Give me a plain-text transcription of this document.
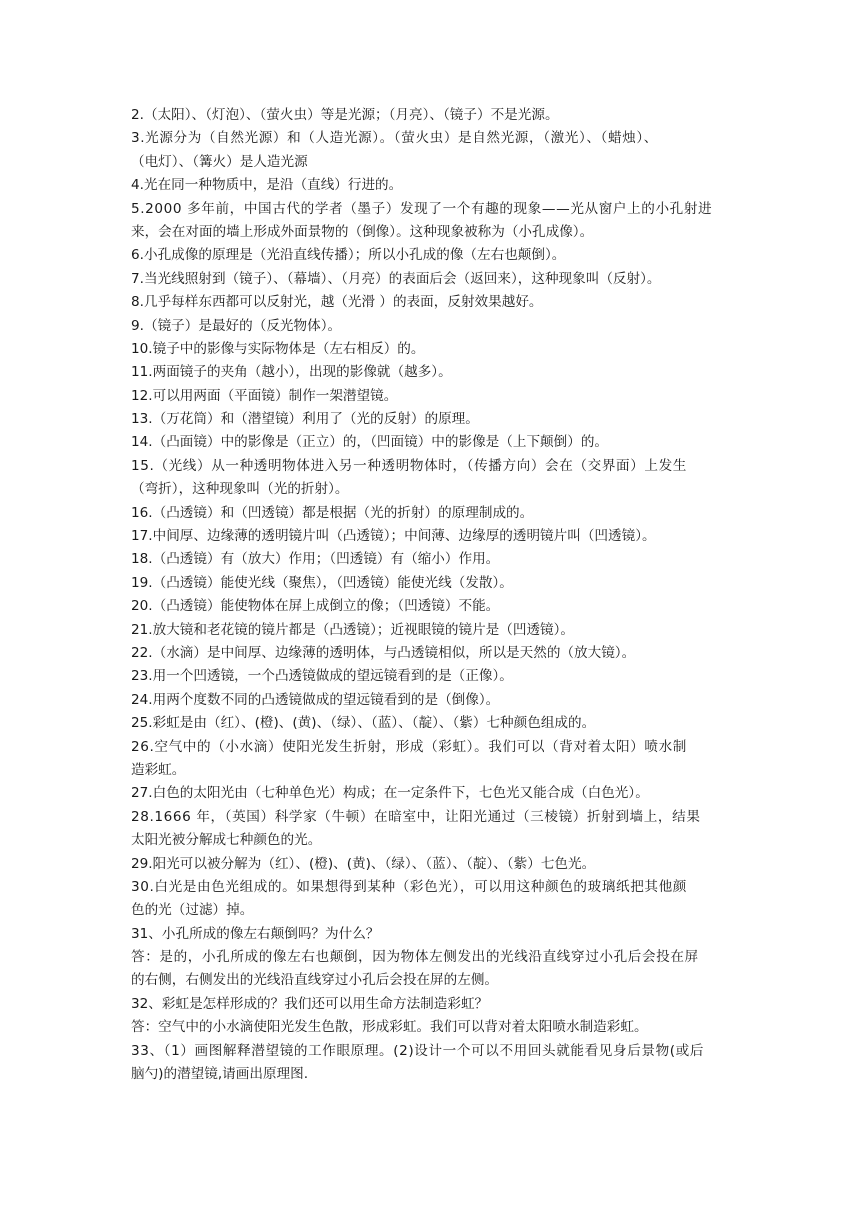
2.（太阳）、（灯泡）、（萤火虫）等是光源；（月亮）、（镜子）不是光源。
3.光源分为（自然光源）和（人造光源）。（萤火虫）是自然光源，（激光）、（蜡烛）、
（电灯）、（篝火）是人造光源
4.光在同一种物质中，是沿（直线）行进的。
5.2000 多年前，中国古代的学者（墨子）发现了一个有趣的现象——光从窗户上的小孔射进
来，会在对面的墙上形成外面景物的（倒像）。这种现象被称为（小孔成像）。
6.小孔成像的原理是（光沿直线传播）；所以小孔成的像（左右也颠倒）。
7.当光线照射到（镜子）、（幕墙）、（月亮）的表面后会（返回来），这种现象叫（反射）。
8.几乎每样东西都可以反射光，越（光滑 ）的表面，反射效果越好。
9.（镜子）是最好的（反光物体）。
10.镜子中的影像与实际物体是（左右相反）的。
11.两面镜子的夹角（越小），出现的影像就（越多）。
12.可以用两面（平面镜）制作一架潜望镜。
13.（万花筒）和（潜望镜）利用了（光的反射）的原理。
14.（凸面镜）中的影像是（正立）的，（凹面镜）中的影像是（上下颠倒）的。
15.（光线）从一种透明物体进入另一种透明物体时，（传播方向）会在（交界面）上发生
（弯折），这种现象叫（光的折射）。
16.（凸透镜）和（凹透镜）都是根据（光的折射）的原理制成的。
17.中间厚、边缘薄的透明镜片叫（凸透镜）；中间薄、边缘厚的透明镜片叫（凹透镜）。
18.（凸透镜）有（放大）作用；（凹透镜）有（缩小）作用。
19.（凸透镜）能使光线（聚焦），（凹透镜）能使光线（发散）。
20.（凸透镜）能使物体在屏上成倒立的像；（凹透镜）不能。
21.放大镜和老花镜的镜片都是（凸透镜）；近视眼镜的镜片是（凹透镜）。
22.（水滴）是中间厚、边缘薄的透明体，与凸透镜相似，所以是天然的（放大镜）。
23.用一个凹透镜，一个凸透镜做成的望远镜看到的是（正像）。
24.用两个度数不同的凸透镜做成的望远镜看到的是（倒像）。
25.彩虹是由（红）、(橙)、(黄)、（绿）、（蓝）、（靛）、（紫）七种颜色组成的。
26.空气中的（小水滴）使阳光发生折射，形成（彩虹）。我们可以（背对着太阳）喷水制
造彩虹。
27.白色的太阳光由（七种单色光）构成；在一定条件下，七色光又能合成（白色光）。
28.1666 年，（英国）科学家（牛顿）在暗室中，让阳光通过（三棱镜）折射到墙上，结果
太阳光被分解成七种颜色的光。
29.阳光可以被分解为（红）、(橙)、(黄)、（绿）、（蓝）、（靛）、（紫）七色光。
30.白光是由色光组成的。如果想得到某种（彩色光），可以用这种颜色的玻璃纸把其他颜
色的光（过滤）掉。
31、小孔所成的像左右颠倒吗？为什么？
答：是的，小孔所成的像左右也颠倒，因为物体左侧发出的光线沿直线穿过小孔后会投在屏
的右侧，右侧发出的光线沿直线穿过小孔后会投在屏的左侧。
32、彩虹是怎样形成的？我们还可以用生命方法制造彩虹？
答：空气中的小水滴使阳光发生色散，形成彩虹。我们可以背对着太阳喷水制造彩虹。
33、（1）画图解释潜望镜的工作眼原理。(2)设计一个可以不用回头就能看见身后景物(或后
脑勺)的潜望镜,请画出原理图.
